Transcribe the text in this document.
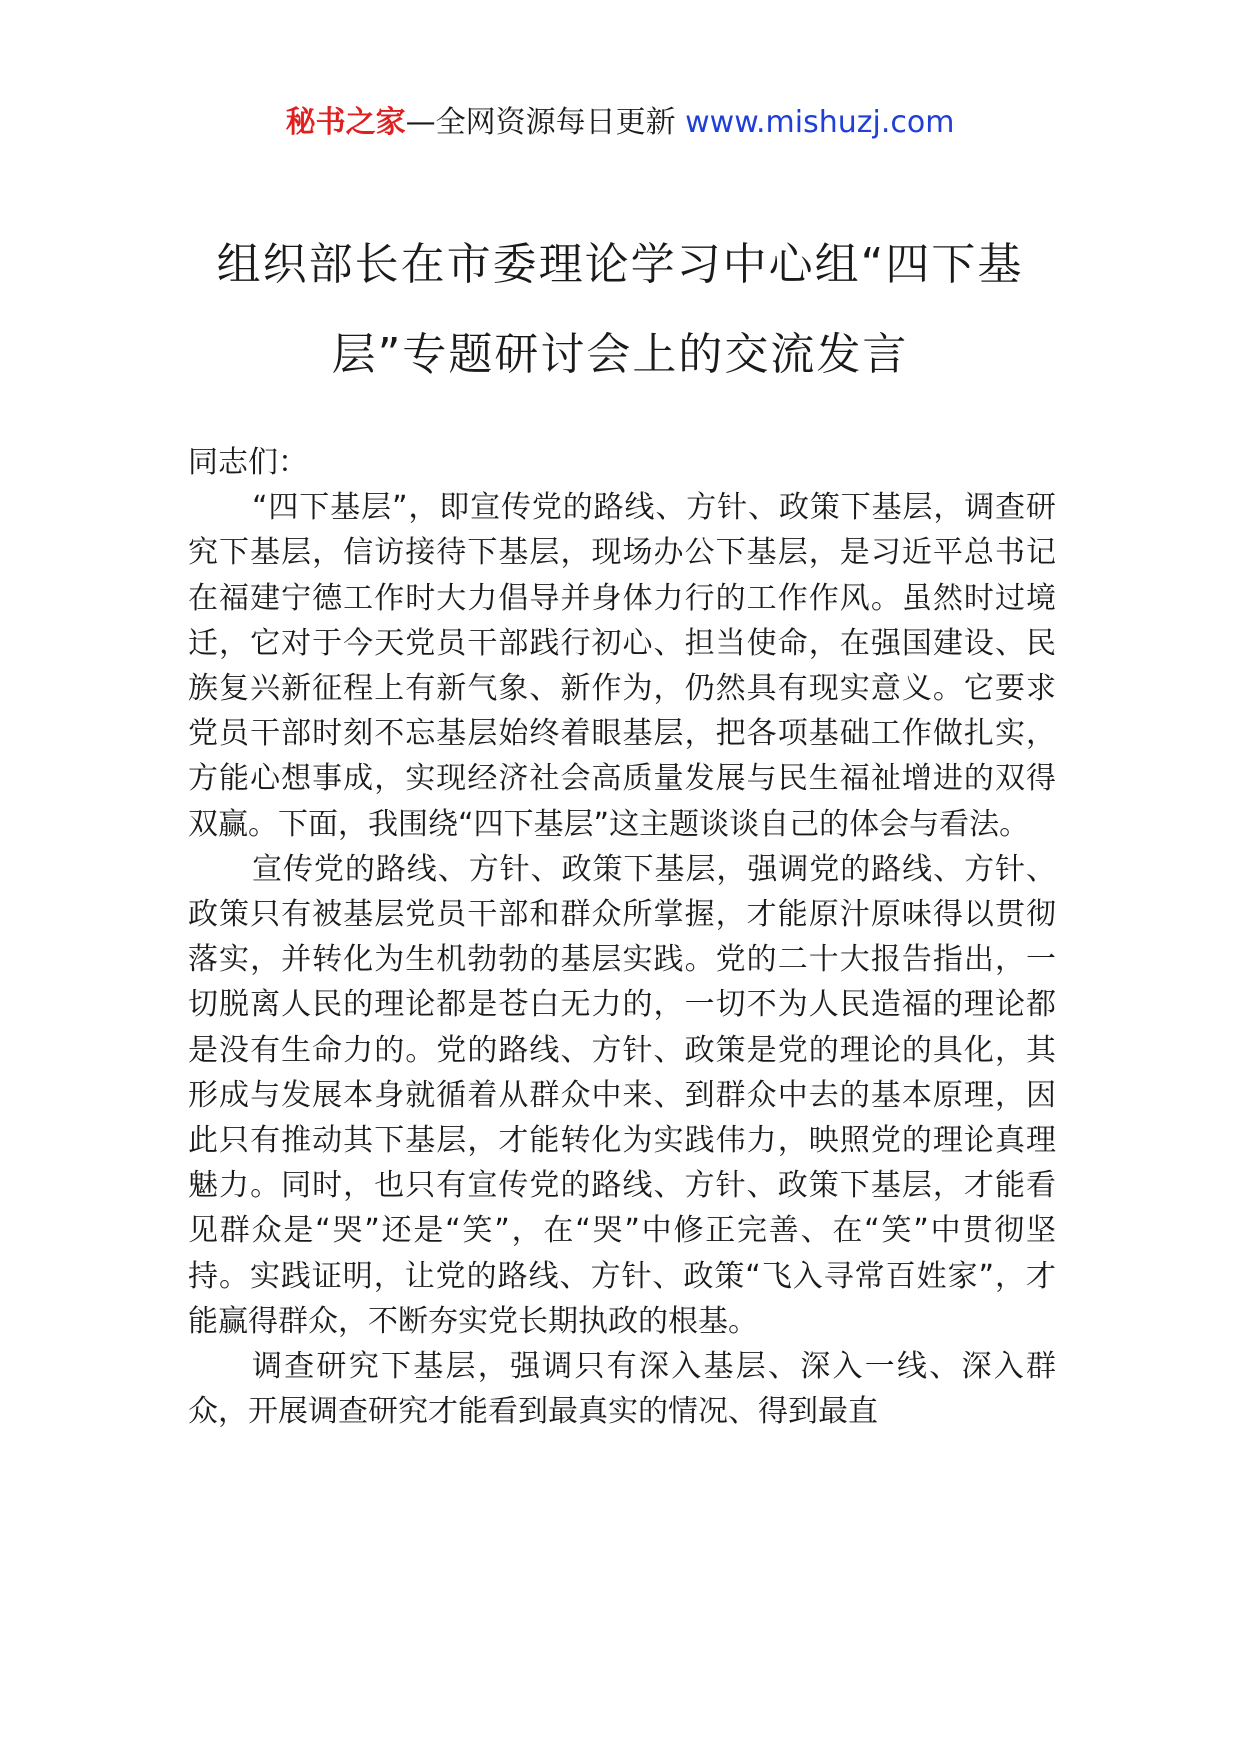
秘书之家—全网资源每日更新 www.mishuzj.com
组织部长在市委理论学习中心组“四下基
层”专题研讨会上的交流发言

同志们：

“四下基层”，即宣传党的路线、方针、政策下基层，调查研究下基层，信访接待下基层，现场办公下基层，是习近平总书记在福建宁德工作时大力倡导并身体力行的工作作风。虽然时过境迁，它对于今天党员干部践行初心、担当使命，在强国建设、民族复兴新征程上有新气象、新作为，仍然具有现实意义。它要求党员干部时刻不忘基层始终着眼基层，把各项基础工作做扎实，方能心想事成，实现经济社会高质量发展与民生福祉增进的双得双赢。下面，我围绕“四下基层”这主题谈谈自己的体会与看法。

宣传党的路线、方针、政策下基层，强调党的路线、方针、政策只有被基层党员干部和群众所掌握，才能原汁原味得以贯彻落实，并转化为生机勃勃的基层实践。党的二十大报告指出，一切脱离人民的理论都是苍白无力的，一切不为人民造福的理论都是没有生命力的。党的路线、方针、政策是党的理论的具化，其形成与发展本身就循着从群众中来、到群众中去的基本原理，因此只有推动其下基层，才能转化为实践伟力，映照党的理论真理魅力。同时，也只有宣传党的路线、方针、政策下基层，才能看见群众是“哭”还是“笑”，在“哭”中修正完善、在“笑”中贯彻坚持。实践证明，让党的路线、方针、政策“飞入寻常百姓家”，才能赢得群众，不断夯实党长期执政的根基。

调查研究下基层，强调只有深入基层、深入一线、深入群众，开展调查研究才能看到最真实的情况、得到最直
